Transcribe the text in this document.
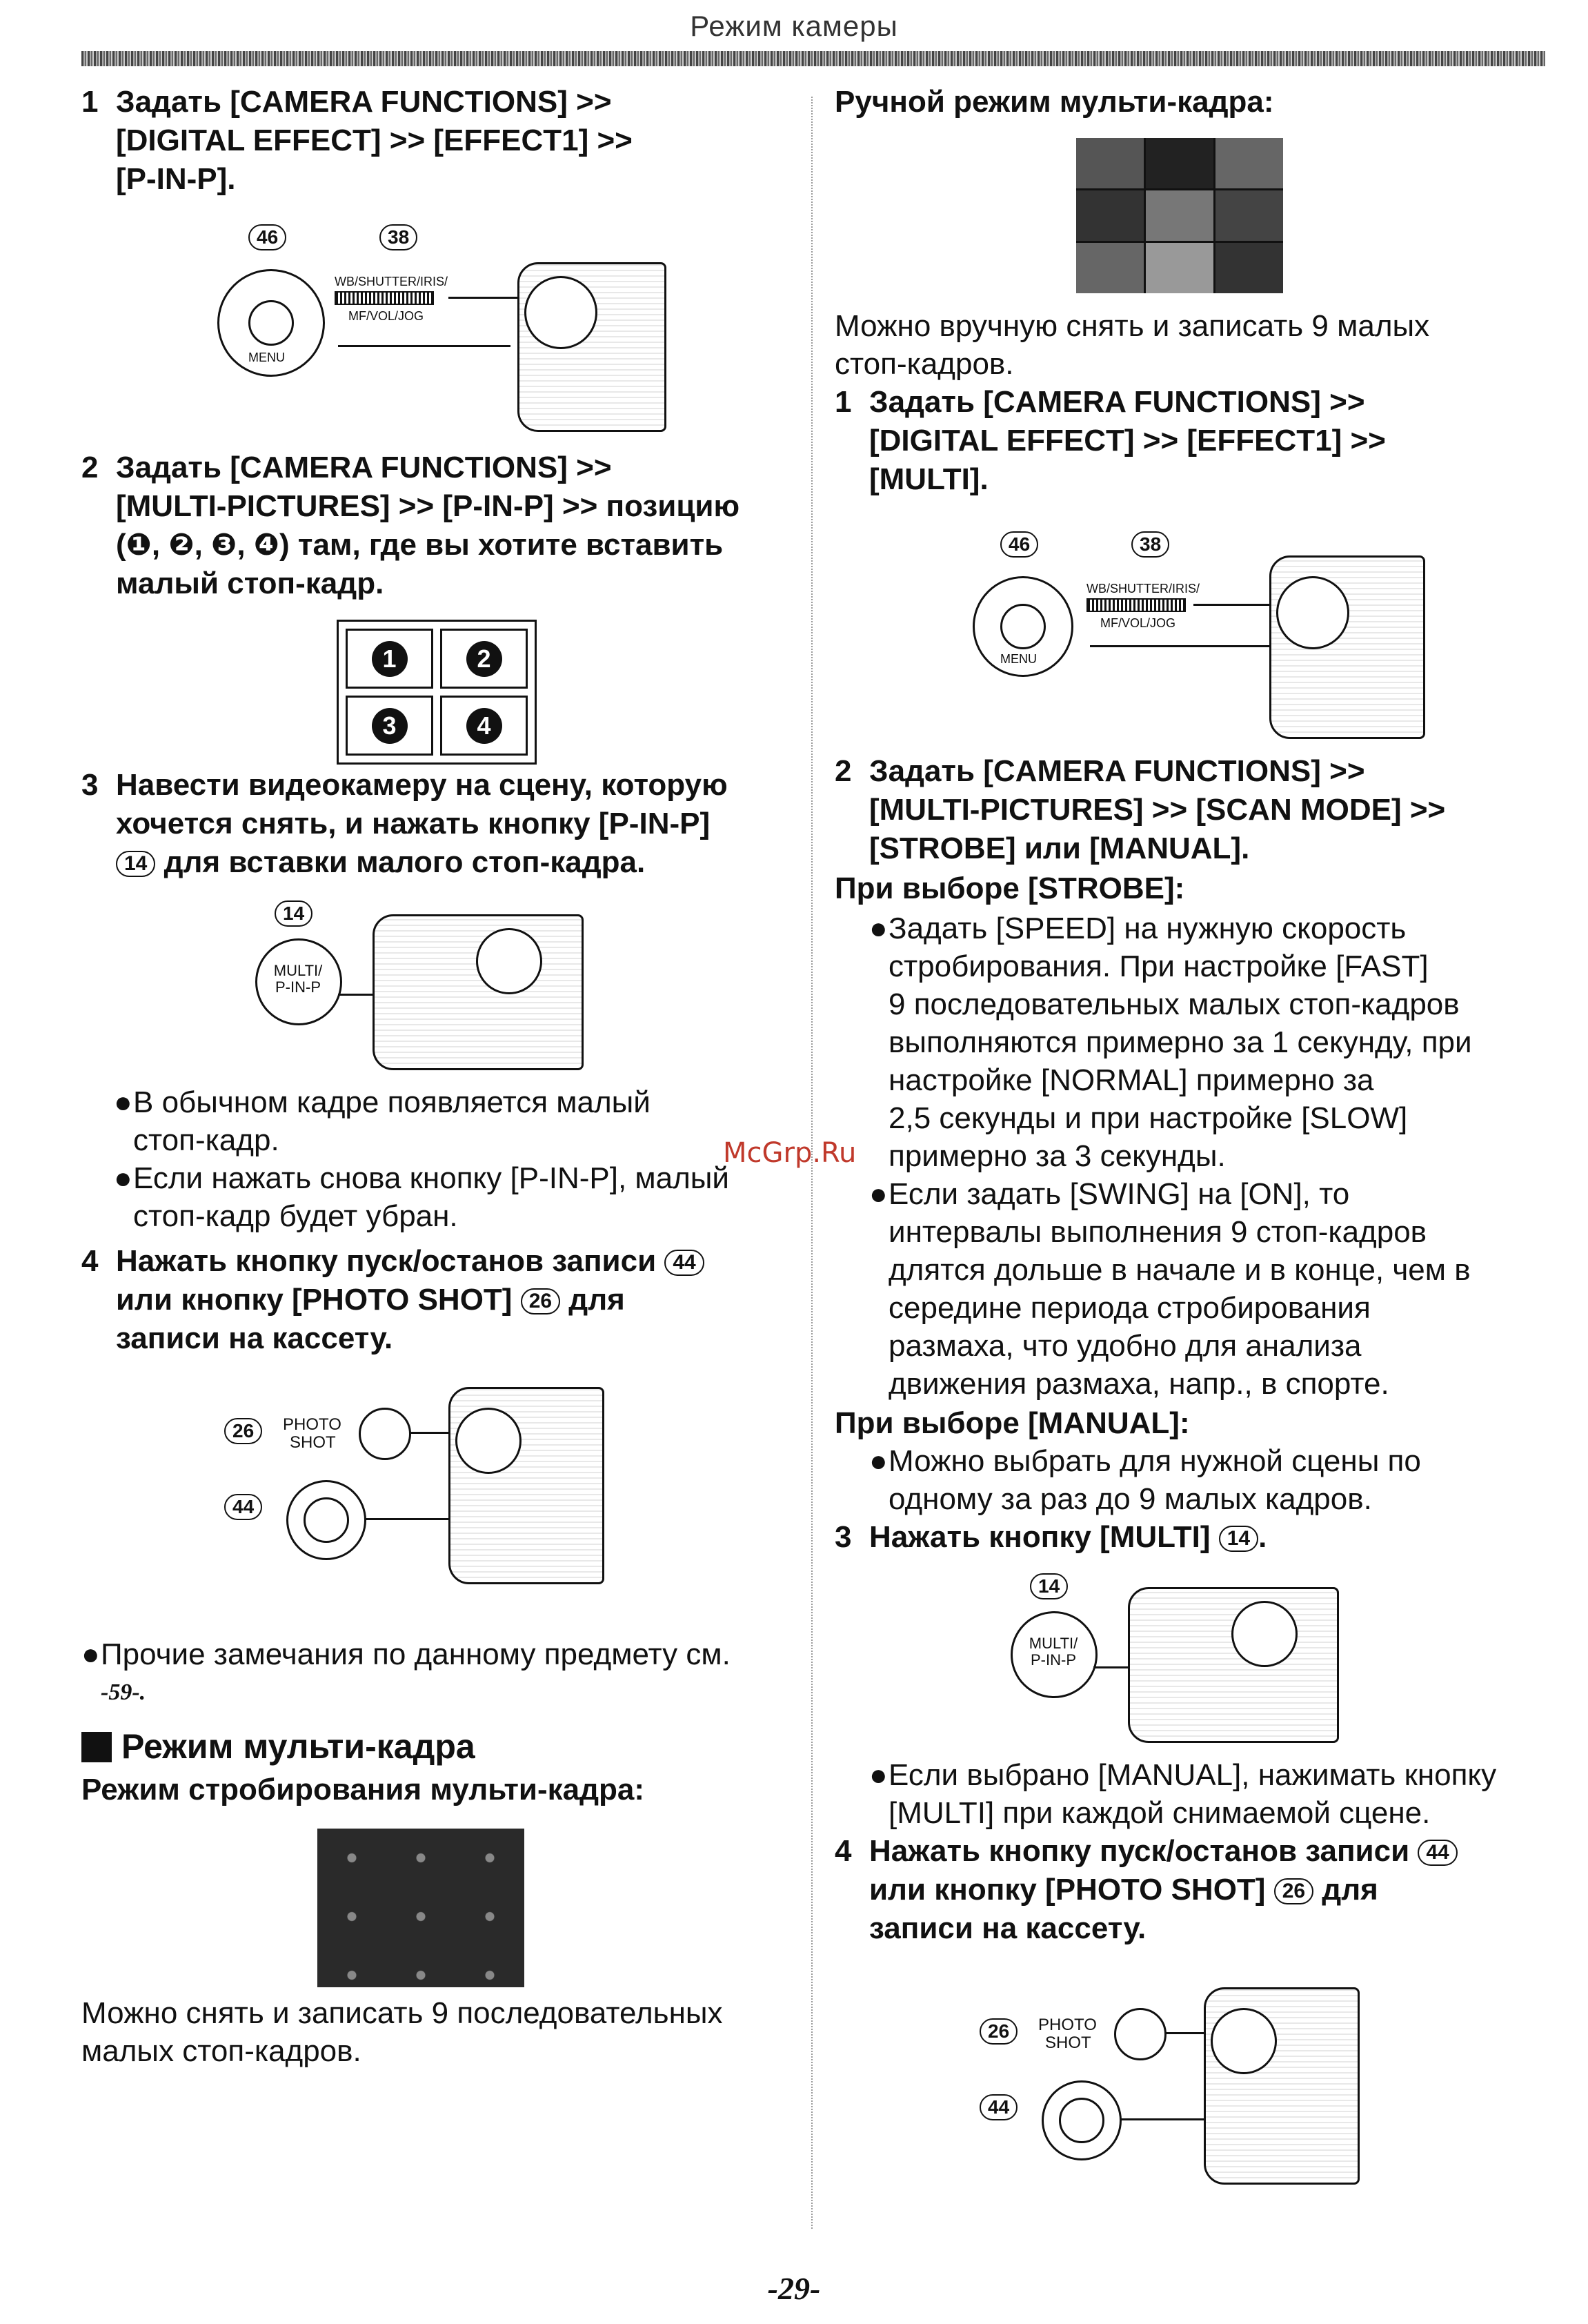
Режим камеры
1 Задать [CAMERA FUNCTIONS] >>
[DIGITAL EFFECT] >> [EFFECT1] >>
[P-IN-P].
46	38
MENU
WB/SHUTTER/IRIS/
MF/VOL/JOG
2 Задать [CAMERA FUNCTIONS] >>
[MULTI-PICTURES] >> [P-IN-P] >> позицию
(❶, ❷, ❸, ❹) там, где вы хотите вставить
малый стоп-кадр.
1	2
3	4
3 Навести видеокамеру на сцену, которую
хочется снять, и нажать кнопку [P-IN-P]
14 для вставки малого стоп-кадра.
14
MULTI/
P-IN-P
● В обычном кадре появляется малый
стоп-кадр.
● Если нажать снова кнопку [P-IN-P], малый
стоп-кадр будет убран.
4 Нажать кнопку пуск/останов записи 44
или кнопку [PHOTO SHOT] 26 для
записи на кассету.
26	PHOTO
SHOT
44
● Прочие замечания по данному предмету см.
-59-.
Режим мульти-кадра
Режим стробирования мульти-кадра:
Можно снять и записать 9 последовательных
малых стоп-кадров.
Ручной режим мульти-кадра:
Можно вручную снять и записать 9 малых
стоп-кадров.
1 Задать [CAMERA FUNCTIONS] >>
[DIGITAL EFFECT] >> [EFFECT1] >>
[MULTI].
46	38
MENU
WB/SHUTTER/IRIS/
MF/VOL/JOG
2 Задать [CAMERA FUNCTIONS] >>
[MULTI-PICTURES] >> [SCAN MODE] >>
[STROBE] или [MANUAL].
При выборе [STROBE]:
● Задать [SPEED] на нужную скорость
стробирования. При настройке [FAST]
9 последовательных малых стоп-кадров
выполняются примерно за 1 секунду, при
настройке [NORMAL] примерно за
2,5 секунды и при настройке [SLOW]
примерно за 3 секунды.
● Если задать [SWING] на [ON], то
интервалы выполнения 9 стоп-кадров
длятся дольше в начале и в конце, чем в
середине периода стробирования
размаха, что удобно для анализа
движения размаха, напр., в спорте.
При выборе [MANUAL]:
● Можно выбрать для нужной сцены по
одному за раз до 9 малых кадров.
3 Нажать кнопку [MULTI] 14 .
14
MULTI/
P-IN-P
● Если выбрано [MANUAL], нажимать кнопку
[MULTI] при каждой снимаемой сцене.
4 Нажать кнопку пуск/останов записи 44
или кнопку [PHOTO SHOT] 26 для
записи на кассету.
26	PHOTO
SHOT
44
McGrp.Ru
-29-
